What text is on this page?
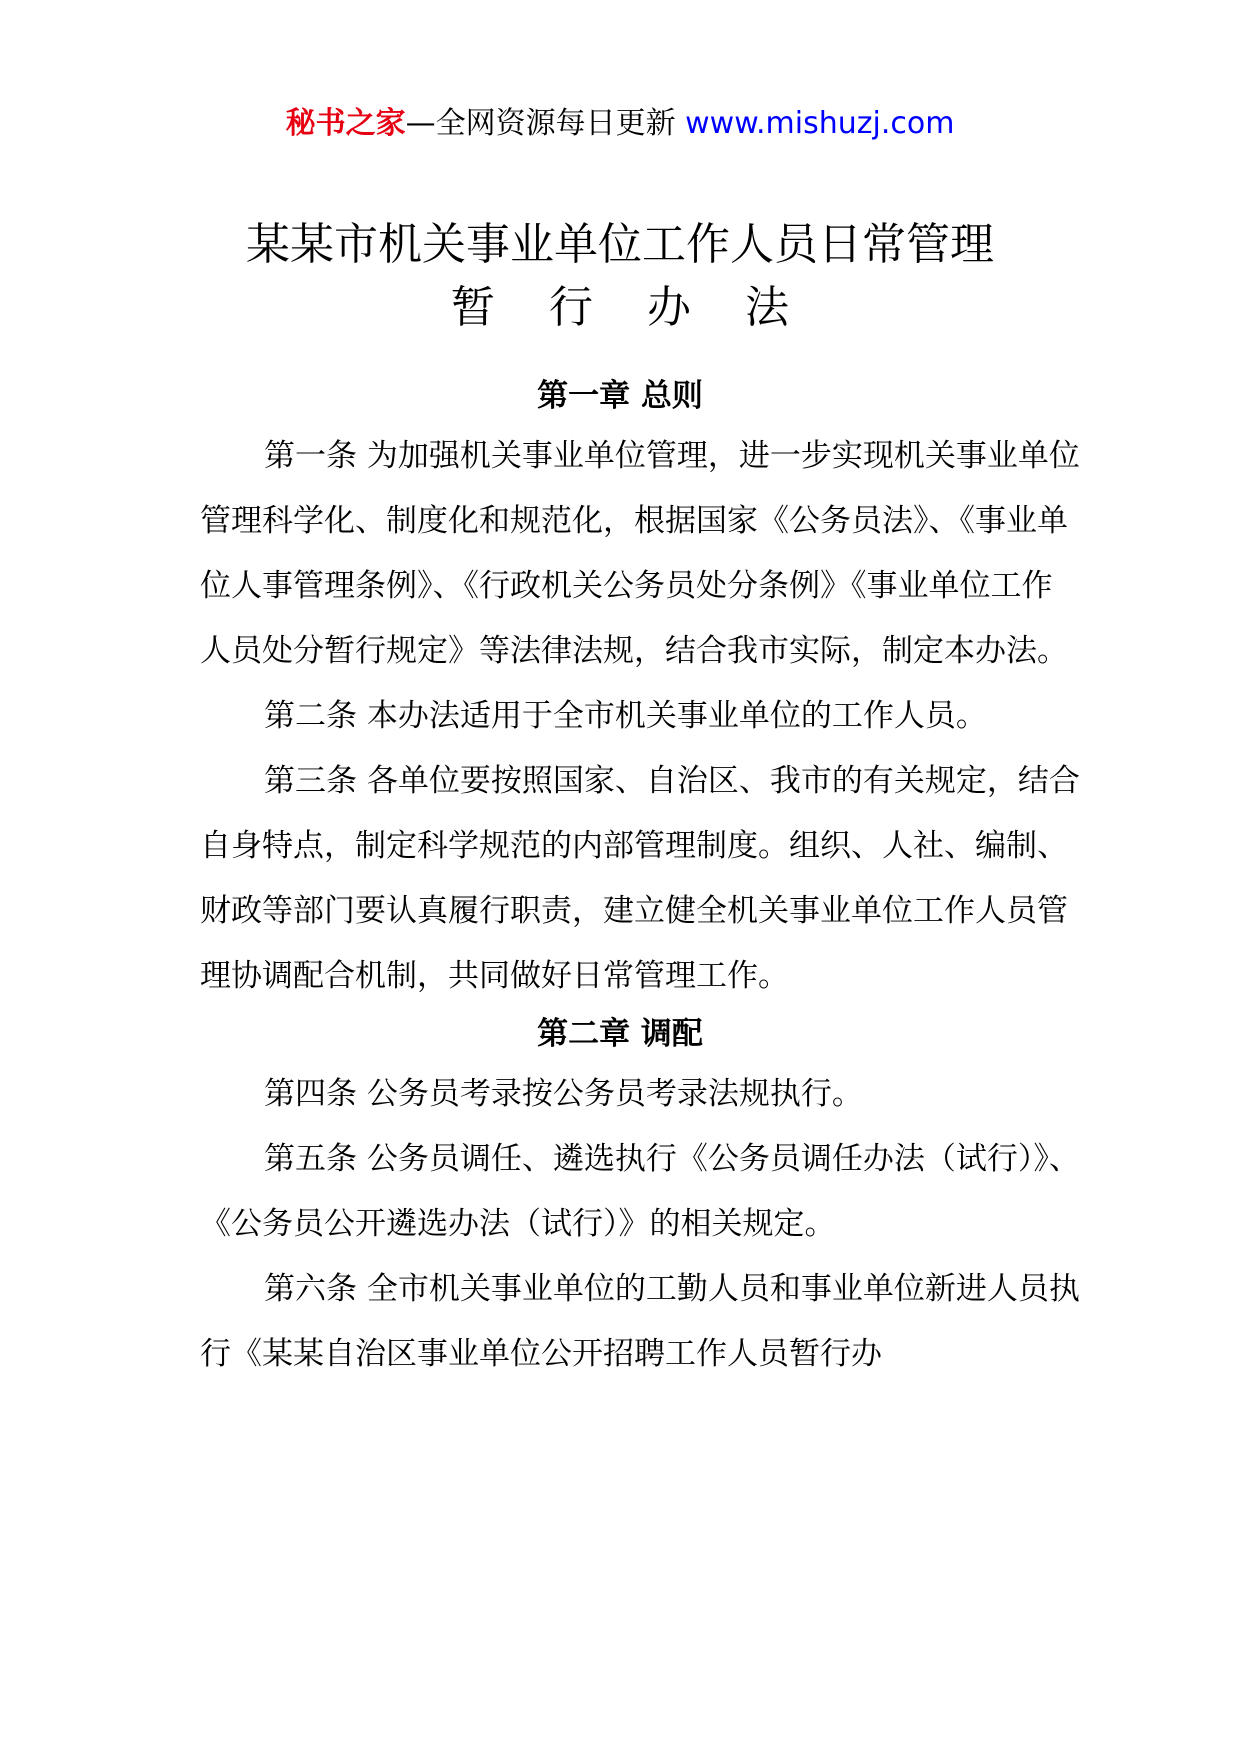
秘书之家—全网资源每日更新 www.mishuzj.com
某某市机关事业单位工作人员日常管理
暂 行 办 法
第一章 总则

第一条 为加强机关事业单位管理，进一步实现机关事业单位管理科学化、制度化和规范化，根据国家《公务员法》、《事业单位人事管理条例》、《行政机关公务员处分条例》《事业单位工作人员处分暂行规定》等法律法规，结合我市实际，制定本办法。

第二条 本办法适用于全市机关事业单位的工作人员。

第三条 各单位要按照国家、自治区、我市的有关规定，结合自身特点，制定科学规范的内部管理制度。组织、人社、编制、财政等部门要认真履行职责，建立健全机关事业单位工作人员管理协调配合机制，共同做好日常管理工作。

第二章 调配

第四条 公务员考录按公务员考录法规执行。

第五条 公务员调任、遴选执行《公务员调任办法（试行）》、《公务员公开遴选办法（试行）》的相关规定。

第六条 全市机关事业单位的工勤人员和事业单位新进人员执行《某某自治区事业单位公开招聘工作人员暂行办
